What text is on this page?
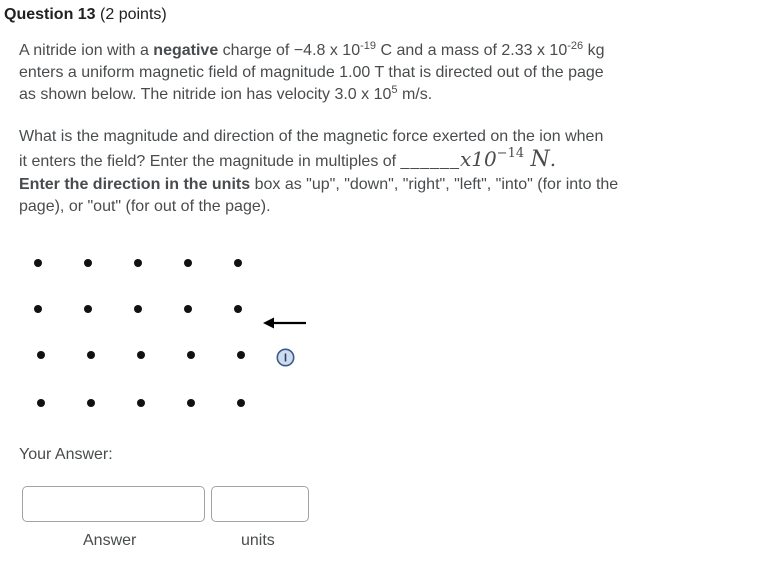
Question 13 (2 points)
A nitride ion with a negative charge of −4.8 x $10^{-19}$ C and a mass of 2.33 x $10^{-26}$ kg
enters a uniform magnetic field of magnitude 1.00 T that is directed out of the page
as shown below. The nitride ion has velocity 3.0 x $10^5$ m/s.
What is the magnitude and direction of the magnetic force exerted on the ion when
it enters the field? Enter the magnitude in multiples of $\_\_\_\_\_\_x10^{-14}$ N.
Enter the direction in the units box as "up", "down", "right", "left", "into" (for into the
page), or "out" (for out of the page).
Your Answer:
Answer	units
